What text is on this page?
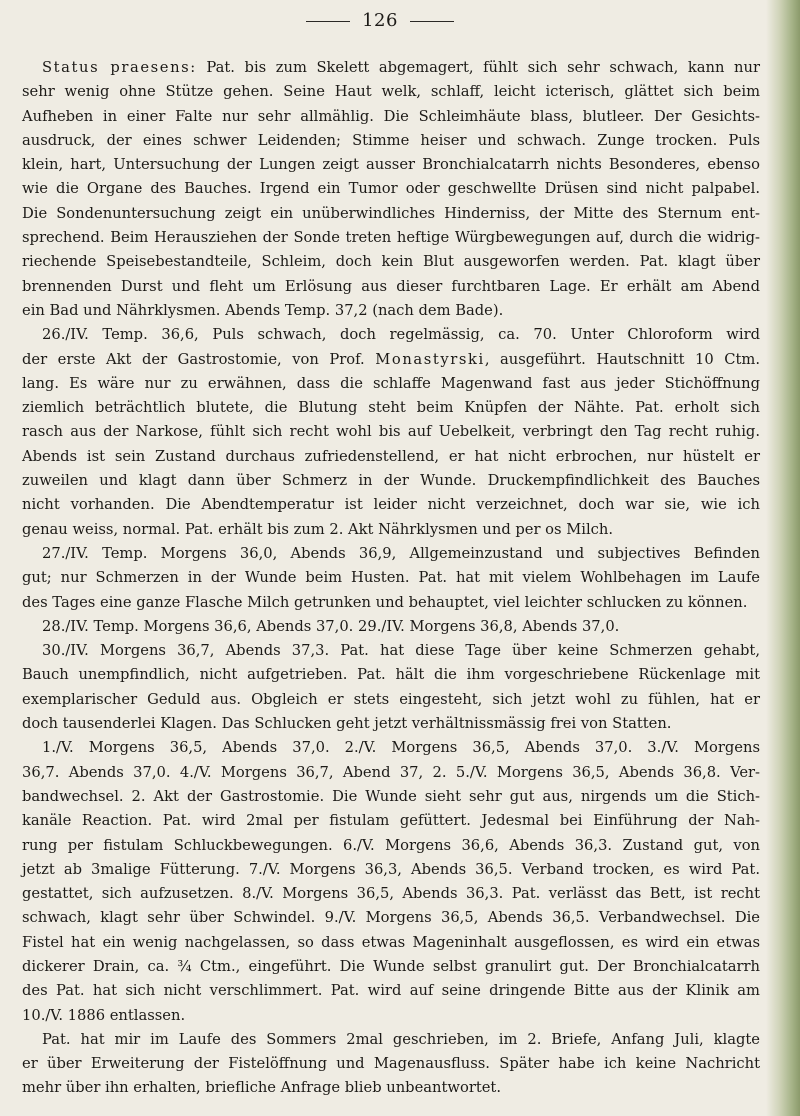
126
Status praesens: Pat. bis zum Skelett abgemagert, fühlt sich sehr schwach, kann nur
sehr wenig ohne Stütze gehen. Seine Haut welk, schlaff, leicht icterisch, glättet sich beim
Aufheben in einer Falte nur sehr allmählig. Die Schleimhäute blass, blutleer. Der Gesichts-
ausdruck, der eines schwer Leidenden; Stimme heiser und schwach. Zunge trocken. Puls
klein, hart, Untersuchung der Lungen zeigt ausser Bronchialcatarrh nichts Besonderes, ebenso
wie die Organe des Bauches. Irgend ein Tumor oder geschwellte Drüsen sind nicht palpabel.
Die Sondenuntersuchung zeigt ein unüberwindliches Hinderniss, der Mitte des Sternum ent-
sprechend. Beim Herausziehen der Sonde treten heftige Würgbewegungen auf, durch die widrig-
riechende Speisebestandteile, Schleim, doch kein Blut ausgeworfen werden. Pat. klagt über
brennenden Durst und fleht um Erlösung aus dieser furchtbaren Lage. Er erhält am Abend
ein Bad und Nährklysmen. Abends Temp. 37,2 (nach dem Bade).
26./IV. Temp. 36,6, Puls schwach, doch regelmässig, ca. 70. Unter Chloroform wird
der erste Akt der Gastrostomie, von Prof. Monastyrski, ausgeführt. Hautschnitt 10 Ctm.
lang. Es wäre nur zu erwähnen, dass die schlaffe Magenwand fast aus jeder Stichöffnung
ziemlich beträchtlich blutete, die Blutung steht beim Knüpfen der Nähte. Pat. erholt sich
rasch aus der Narkose, fühlt sich recht wohl bis auf Uebelkeit, verbringt den Tag recht ruhig.
Abends ist sein Zustand durchaus zufriedenstellend, er hat nicht erbrochen, nur hüstelt er
zuweilen und klagt dann über Schmerz in der Wunde. Druckempfindlichkeit des Bauches
nicht vorhanden. Die Abendtemperatur ist leider nicht verzeichnet, doch war sie, wie ich
genau weiss, normal. Pat. erhält bis zum 2. Akt Nährklysmen und per os Milch.
27./IV. Temp. Morgens 36,0, Abends 36,9, Allgemeinzustand und subjectives Befinden
gut; nur Schmerzen in der Wunde beim Husten. Pat. hat mit vielem Wohlbehagen im Laufe
des Tages eine ganze Flasche Milch getrunken und behauptet, viel leichter schlucken zu können.
28./IV. Temp. Morgens 36,6, Abends 37,0. 29./IV. Morgens 36,8, Abends 37,0.
30./IV. Morgens 36,7, Abends 37,3. Pat. hat diese Tage über keine Schmerzen gehabt,
Bauch unempfindlich, nicht aufgetrieben. Pat. hält die ihm vorgeschriebene Rückenlage mit
exemplarischer Geduld aus. Obgleich er stets eingesteht, sich jetzt wohl zu fühlen, hat er
doch tausenderlei Klagen. Das Schlucken geht jetzt verhältnissmässig frei von Statten.
1./V. Morgens 36,5, Abends 37,0. 2./V. Morgens 36,5, Abends 37,0. 3./V. Morgens
36,7. Abends 37,0. 4./V. Morgens 36,7, Abend 37, 2. 5./V. Morgens 36,5, Abends 36,8. Ver-
bandwechsel. 2. Akt der Gastrostomie. Die Wunde sieht sehr gut aus, nirgends um die Stich-
kanäle Reaction. Pat. wird 2mal per fistulam gefüttert. Jedesmal bei Einführung der Nah-
rung per fistulam Schluckbewegungen. 6./V. Morgens 36,6, Abends 36,3. Zustand gut, von
jetzt ab 3malige Fütterung. 7./V. Morgens 36,3, Abends 36,5. Verband trocken, es wird Pat.
gestattet, sich aufzusetzen. 8./V. Morgens 36,5, Abends 36,3. Pat. verlässt das Bett, ist recht
schwach, klagt sehr über Schwindel. 9./V. Morgens 36,5, Abends 36,5. Verbandwechsel. Die
Fistel hat ein wenig nachgelassen, so dass etwas Mageninhalt ausgeflossen, es wird ein etwas
dickerer Drain, ca. ¾ Ctm., eingeführt. Die Wunde selbst granulirt gut. Der Bronchialcatarrh
des Pat. hat sich nicht verschlimmert. Pat. wird auf seine dringende Bitte aus der Klinik am
10./V. 1886 entlassen.
Pat. hat mir im Laufe des Sommers 2mal geschrieben, im 2. Briefe, Anfang Juli, klagte
er über Erweiterung der Fistelöffnung und Magenausfluss. Später habe ich keine Nachricht
mehr über ihn erhalten, briefliche Anfrage blieb unbeantwortet.
